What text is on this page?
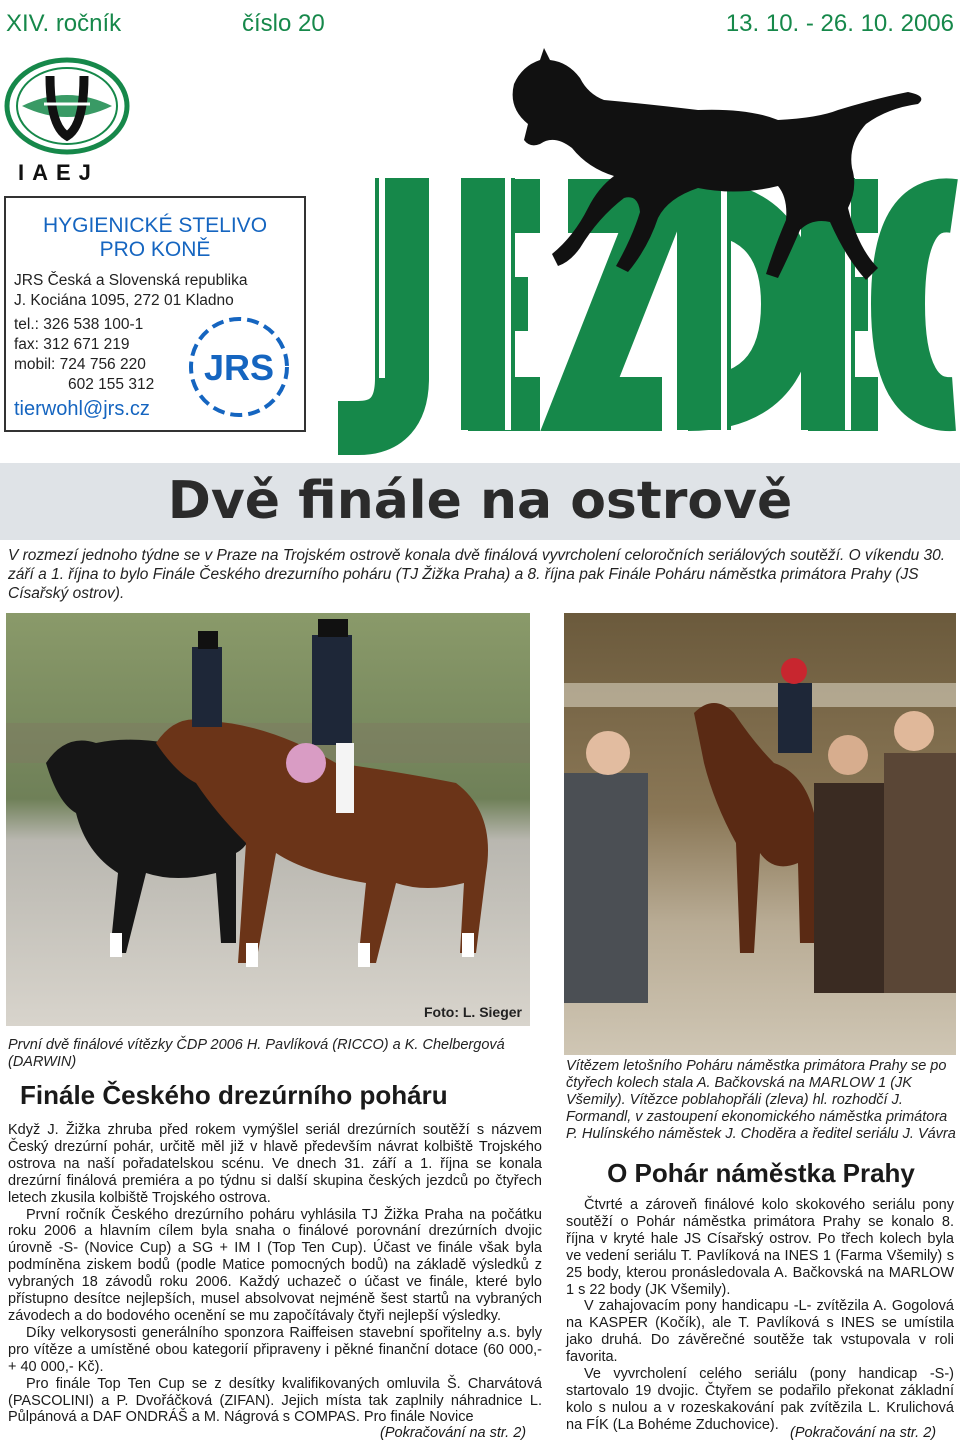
XIV. ročník	číslo 20	13. 10. - 26. 10. 2006
IAEJ
HYGIENICKÉ STELIVO
PRO KONĚ
JRS Česká a Slovenská republika
J. Kociána 1095, 272 01 Kladno
tel.: 326 538 100-1
fax: 312 671 219
mobil: 724 756 220
602 155 312
tierwohl@jrs.cz
JRS
JEZDEC
Dvě finále na ostrově
V rozmezí jednoho týdne se v Praze na Trojském ostrově konala dvě finálová vyvrcholení celoročních seriálových soutěží. O víkendu 30. září a 1. října to bylo Finále Českého drezurního poháru (TJ Žižka Praha) a 8. října pak Finále Poháru náměstka primátora Prahy (JS Císařský ostrov).
Foto: L. Sieger
První dvě finálové vítězky ČDP 2006 H. Pavlíková (RICCO) a K. Chelbergová (DARWIN)	Vítězem letošního Poháru náměstka primátora Prahy se po čtyřech kolech stala A. Bačkovská na MARLOW 1 (JK Všemily). Vítězce poblahopřáli (zleva) hl. rozhodčí J. Formandl, v zastoupení ekonomického náměstka primátora P. Hulínského náměstek J. Choděra a ředitel seriálu J. Vávra
Finále Českého drezúrního poháru

Když J. Žižka zhruba před rokem vymýšlel seriál drezúrních soutěží s názvem Český drezúrní pohár, určitě měl již v hlavě především návrat kolbiště Trojského ostrova na naší pořadatelskou scénu. Ve dnech 31. září a 1. října se konala drezúrní finálová premiéra a po týdnu si další skupina českých jezdců po čtyřech letech zkusila kolbiště Trojského ostrova.

První ročník Českého drezúrního poháru vyhlásila TJ Žižka Praha na počátku roku 2006 a hlavním cílem byla snaha o finálové porovnání drezúrních dvojic úrovně -S- (Novice Cup) a SG + IM I (Top Ten Cup). Účast ve finále však byla podmíněna ziskem bodů (podle Matice pomocných bodů) na základě výsledků z vybraných 18 závodů roku 2006. Každý uchazeč o účast ve finále, které bylo přístupno desítce nejlepších, musel absolvovat nejméně šest startů na vybraných závodech a do bodového ocenění se mu započítávaly čtyři nejlepší výsledky.

Díky velkorysosti generálního sponzora Raiffeisen stavební spořitelny a.s. byly pro vítěze a umístěné obou kategorií připraveny i pěkné finanční dotace (60 000,- + 40 000,- Kč).

Pro finále Top Ten Cup se z desítky kvalifikovaných omluvila Š. Charvátová (PASCOLINI) a P. Dvořáčková (ZIFAN). Jejich místa tak zaplnily náhradnice L. Půlpánová a DAF ONDRÁŠ a M. Nágrová s COMPAS. Pro finále Novice

(Pokračování na str. 2)
O Pohár náměstka Prahy

Čtvrté a zároveň finálové kolo skokového seriálu pony soutěží o Pohár náměstka primátora Prahy se konalo 8. října v kryté hale JS Císařský ostrov. Po třech kolech byla ve vedení seriálu T. Pavlíková na INES 1 (Farma Všemily) s 25 body, kterou pronásledovala A. Bačkovská na MARLOW 1 s 22 body (JK Všemily).

V zahajovacím pony handicapu -L- zvítězila A. Gogolová na KASPER (Kočík), ale T. Pavlíková s INES se umístila jako druhá. Do závěrečné soutěže tak vstupovala v roli favorita.

Ve vyvrcholení celého seriálu (pony handicap -S-) startovalo 19 dvojic. Čtyřem se podařilo překonat základní kolo s nulou a v rozeskakování pak zvítězila L. Krulichová na FÍK (La Bohéme Zduchovice).

(Pokračování na str. 2)
